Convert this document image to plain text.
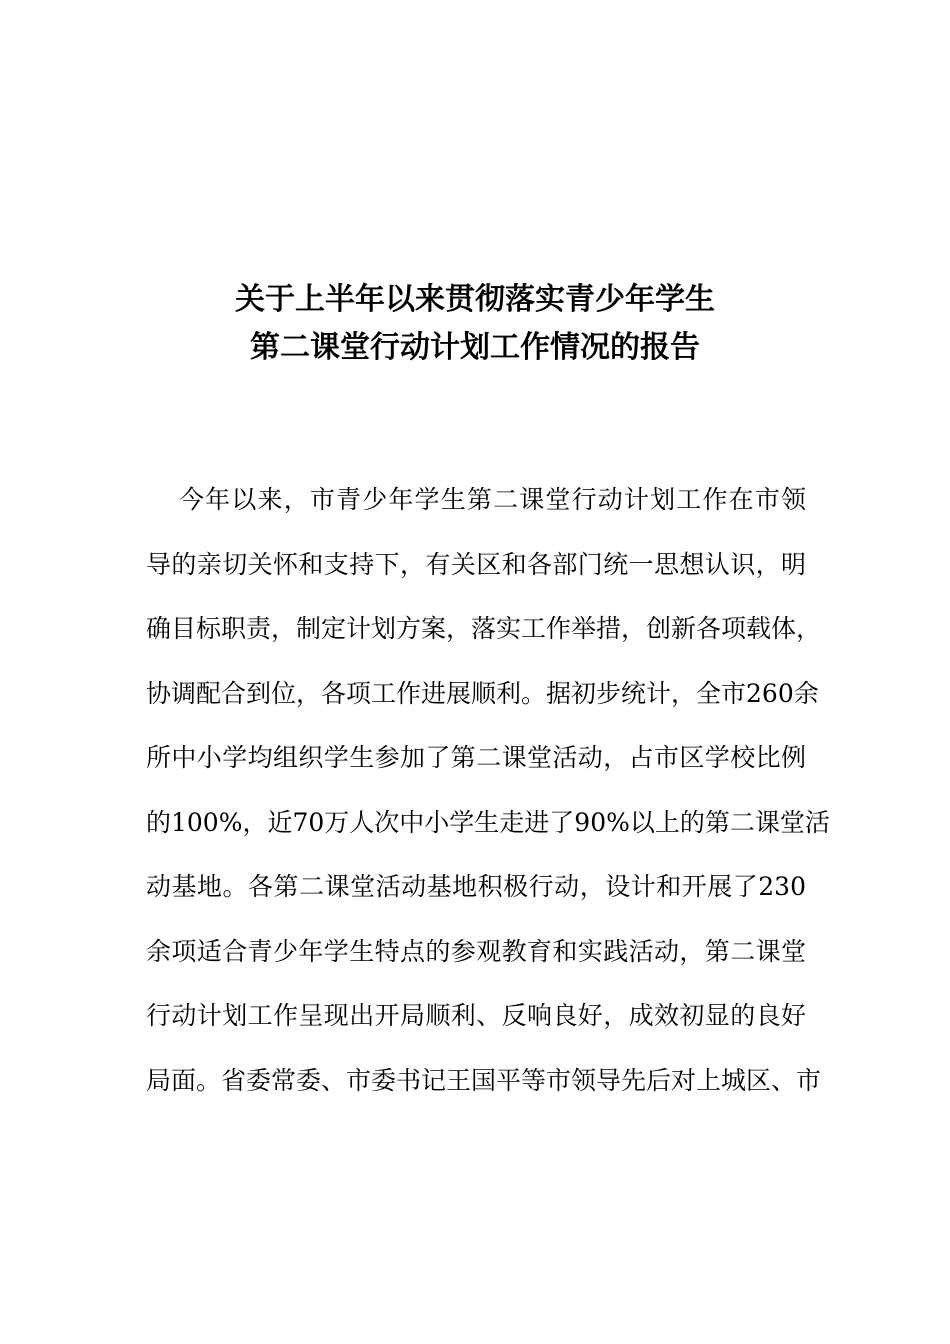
关于上半年以来贯彻落实青少年学生
第二课堂行动计划工作情况的报告
今年以来，市青少年学生第二课堂行动计划工作在市领
导的亲切关怀和支持下，有关区和各部门统一思想认识，明
确目标职责，制定计划方案，落实工作举措，创新各项载体，
协调配合到位，各项工作进展顺利。据初步统计，全市260余
所中小学均组织学生参加了第二课堂活动，占市区学校比例
的100%，近70万人次中小学生走进了90%以上的第二课堂活
动基地。各第二课堂活动基地积极行动，设计和开展了230
余项适合青少年学生特点的参观教育和实践活动，第二课堂
行动计划工作呈现出开局顺利、反响良好，成效初显的良好
局面。省委常委、市委书记王国平等市领导先后对上城区、市
